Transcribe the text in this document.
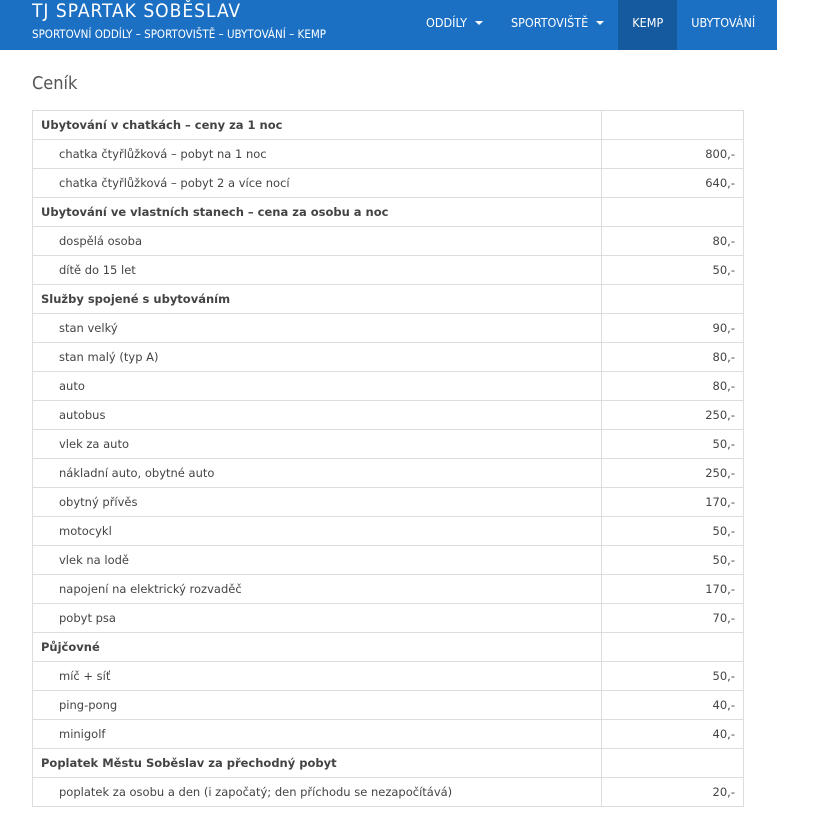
TJ SPARTAK SOBĚSLAV
SPORTOVNÍ ODDÍLY – SPORTOVIŠTĚ – UBYTOVÁNÍ – KEMP
ODDÍLY	SPORTOVIŠTĚ	KEMP UBYTOVÁNÍ CENÍK
Ceník
Ubytování v chatkách – ceny za 1 noc	
chatka čtyřlůžková – pobyt na 1 noc	800,-
chatka čtyřlůžková – pobyt 2 a více nocí	640,-
Ubytování ve vlastních stanech – cena za osobu a noc	
dospělá osoba	80,-
dítě do 15 let	50,-
Služby spojené s ubytováním	
stan velký	90,-
stan malý (typ A)	80,-
auto	80,-
autobus	250,-
vlek za auto	50,-
nákladní auto, obytné auto	250,-
obytný přívěs	170,-
motocykl	50,-
vlek na lodě	50,-
napojení na elektrický rozvaděč	170,-
pobyt psa	70,-
Půjčovné	
míč + síť	50,-
ping-pong	40,-
minigolf	40,-
Poplatek Městu Soběslav za přechodný pobyt	
poplatek za osobu a den (i započatý; den příchodu se nezapočítává)	20,-
